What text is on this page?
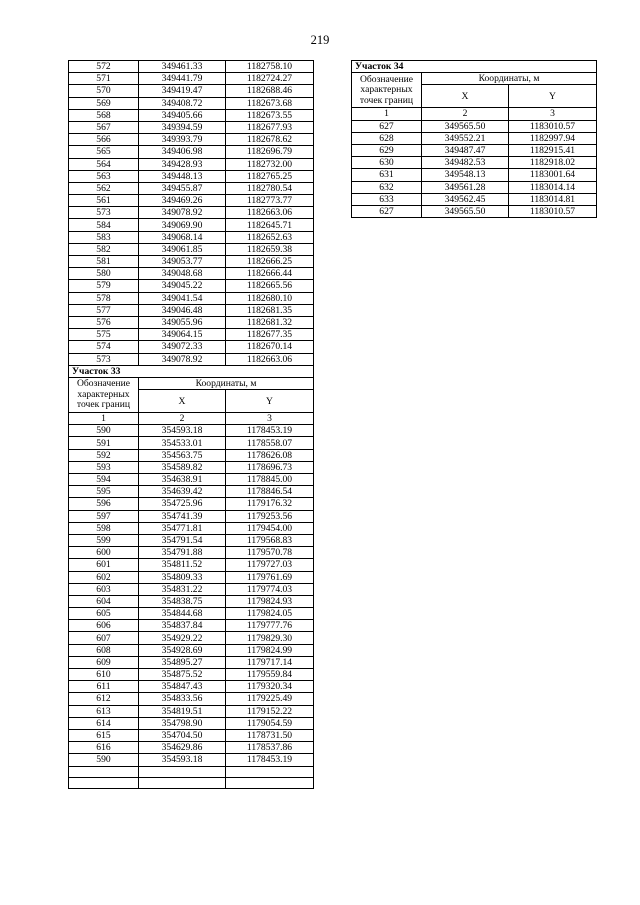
219
572	349461.33	1182758.10
571	349441.79	1182724.27
570	349419.47	1182688.46
569	349408.72	1182673.68
568	349405.66	1182673.55
567	349394.59	1182677.93
566	349393.79	1182678.62
565	349406.98	1182696.79
564	349428.93	1182732.00
563	349448.13	1182765.25
562	349455.87	1182780.54
561	349469.26	1182773.77
573	349078.92	1182663.06
584	349069.90	1182645.71
583	349068.14	1182652.63
582	349061.85	1182659.38
581	349053.77	1182666.25
580	349048.68	1182666.44
579	349045.22	1182665.56
578	349041.54	1182680.10
577	349046.48	1182681.35
576	349055.96	1182681.32
575	349064.15	1182677.35
574	349072.33	1182670.14
573	349078.92	1182663.06
Участок 33		
Обозначение характерных точек границ	Координаты, м	
	X	Y
1	2	3
590	354593.18	1178453.19
591	354533.01	1178558.07
592	354563.75	1178626.08
593	354589.82	1178696.73
594	354638.91	1178845.00
595	354639.42	1178846.54
596	354725.96	1179176.32
597	354741.39	1179253.56
598	354771.81	1179454.00
599	354791.54	1179568.83
600	354791.88	1179570.78
601	354811.52	1179727.03
602	354809.33	1179761.69
603	354831.22	1179774.03
604	354838.75	1179824.93
605	354844.68	1179824.05
606	354837.84	1179777.76
607	354929.22	1179829.30
608	354928.69	1179824.99
609	354895.27	1179717.14
610	354875.52	1179559.84
611	354847.43	1179320.34
612	354833.56	1179225.49
613	354819.51	1179152.22
614	354798.90	1179054.59
615	354704.50	1178731.50
616	354629.86	1178537.86
590	354593.18	1178453.19

Участок 34		
Обозначение характерных точек границ	Координаты, м	
	X	Y
1	2	3
627	349565.50	1183010.57
628	349552.21	1182997.94
629	349487.47	1182915.41
630	349482.53	1182918.02
631	349548.13	1183001.64
632	349561.28	1183014.14
633	349562.45	1183014.81
627	349565.50	1183010.57
